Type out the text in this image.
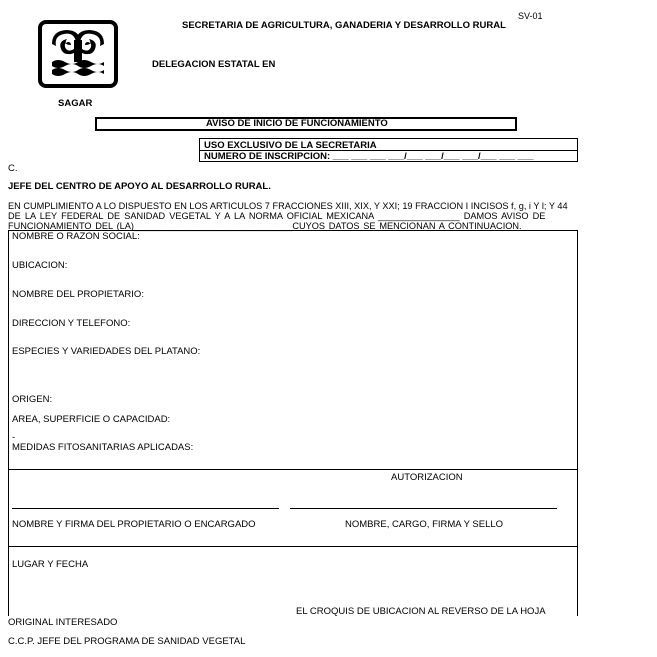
SV-01
SECRETARIA DE AGRICULTURA, GANADERIA Y DESARROLLO RURAL
DELEGACION ESTATAL EN
SAGAR
AVISO DE INICIO DE FUNCIONAMIENTO
USO EXCLUSIVO DE LA SECRETARIA
NUMERO DE INSCRIPCION: ___ ___ ___ ___/___ ___/___ ___/___ ___ ___
C.
JEFE DEL CENTRO DE APOYO AL DESARROLLO RURAL.
EN CUMPLIMIENTO A LO DISPUESTO EN LOS ARTICULOS 7 FRACCIONES XIII, XIX, Y XXI; 19 FRACCION I INCISOS f, g, i Y l; Y 44
DE LA LEY FEDERAL DE SANIDAD VEGETAL Y A LA NORMA OFICIAL MEXICANA ________________ DAMOS AVISO DE
FUNCIONAMIENTO DEL (LA)_______________________________CUYOS DATOS SE MENCIONAN A CONTINUACION.
NOMBRE O RAZON SOCIAL:
UBICACION:
NOMBRE DEL PROPIETARIO:
DIRECCION Y TELEFONO:
ESPECIES Y VARIEDADES DEL PLATANO:
ORIGEN:
AREA, SUPERFICIE O CAPACIDAD:
-
MEDIDAS FITOSANITARIAS APLICADAS:
AUTORIZACION
NOMBRE Y FIRMA DEL PROPIETARIO O ENCARGADO	NOMBRE, CARGO, FIRMA Y SELLO
LUGAR Y FECHA
EL CROQUIS DE UBICACION AL REVERSO DE LA HOJA
ORIGINAL INTERESADO
C.C.P. JEFE DEL PROGRAMA DE SANIDAD VEGETAL
